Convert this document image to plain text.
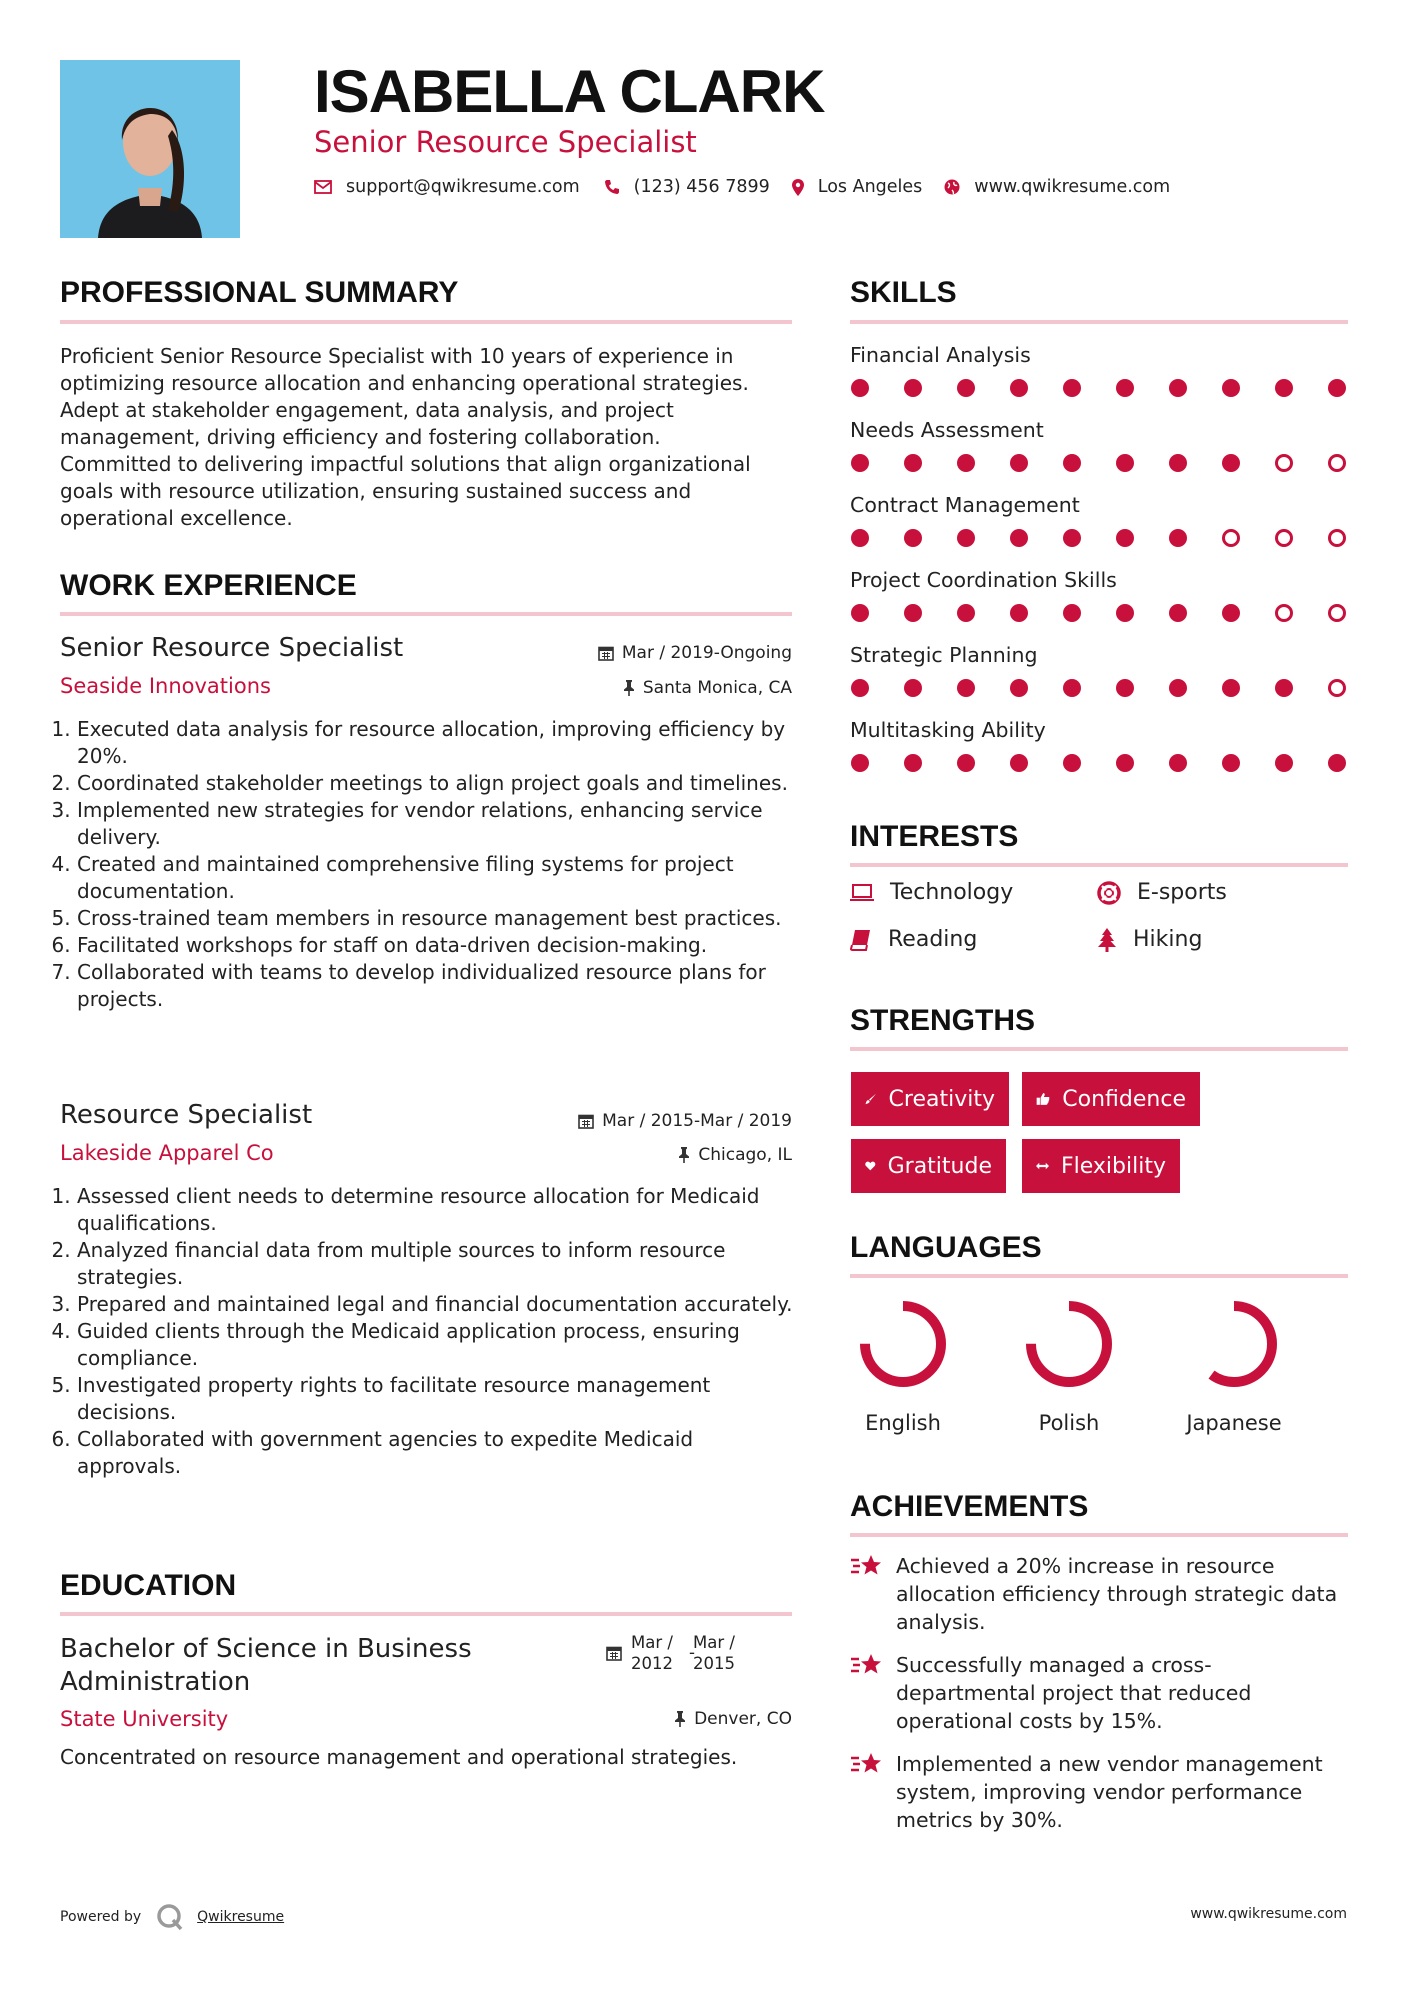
ISABELLA CLARK
Senior Resource Specialist
support@qwikresume.com	(123) 456 7899	Los Angeles	www.qwikresume.com
PROFESSIONAL SUMMARY
Proficient Senior Resource Specialist with 10 years of experience in
optimizing resource allocation and enhancing operational strategies.
Adept at stakeholder engagement, data analysis, and project
management, driving efficiency and fostering collaboration.
Committed to delivering impactful solutions that align organizational
goals with resource utilization, ensuring sustained success and
operational excellence.
WORK EXPERIENCE
Senior Resource Specialist	Mar / 2019-Ongoing
Seaside Innovations	Santa Monica, CA
1. Executed data analysis for resource allocation, improving efficiency by 20%.
2. Coordinated stakeholder meetings to align project goals and timelines.
3. Implemented new strategies for vendor relations, enhancing service delivery.
4. Created and maintained comprehensive filing systems for project documentation.
5. Cross-trained team members in resource management best practices.
6. Facilitated workshops for staff on data-driven decision-making.
7. Collaborated with teams to develop individualized resource plans for projects.
Resource Specialist	Mar / 2015-Mar / 2019
Lakeside Apparel Co	Chicago, IL
1. Assessed client needs to determine resource allocation for Medicaid qualifications.
2. Analyzed financial data from multiple sources to inform resource strategies.
3. Prepared and maintained legal and financial documentation accurately.
4. Guided clients through the Medicaid application process, ensuring compliance.
5. Investigated property rights to facilitate resource management decisions.
6. Collaborated with government agencies to expedite Medicaid approvals.
EDUCATION
Bachelor of Science in Business
Administration
Mar /
2012
-
Mar /
2015
State University	Denver, CO
Concentrated on resource management and operational strategies.
SKILLS
Financial Analysis
Needs Assessment
Contract Management
Project Coordination Skills
Strategic Planning
Multitasking Ability
INTERESTS
Technology	E-sports
Reading	Hiking
STRENGTHS
Creativity	Confidence
Gratitude	Flexibility
LANGUAGES
English	Polish	Japanese
ACHIEVEMENTS
Achieved a 20% increase in resource
allocation efficiency through strategic data
analysis.
Successfully managed a cross-
departmental project that reduced
operational costs by 15%.
Implemented a new vendor management
system, improving vendor performance
metrics by 30%.
Powered by	Qwikresume	www.qwikresume.com
